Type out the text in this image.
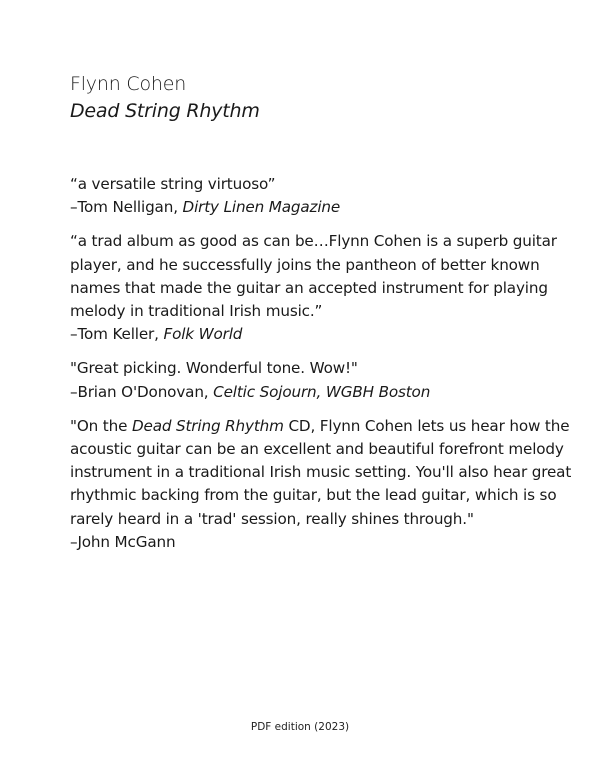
Flynn Cohen
Dead String Rhythm

“a versatile string virtuoso”

–Tom Nelligan, Dirty Linen Magazine

“a trad album as good as can be…Flynn Cohen is a superb guitar player, and he successfully joins the pantheon of better known names that made the guitar an accepted instrument for playing melody in traditional Irish music.”

–Tom Keller, Folk World

"Great picking. Wonderful tone. Wow!"

–Brian O'Donovan, Celtic Sojourn, WGBH Boston

"On the Dead String Rhythm CD, Flynn Cohen lets us hear how the acoustic guitar can be an excellent and beautiful forefront melody instrument in a traditional Irish music setting. You'll also hear great rhythmic backing from the guitar, but the lead guitar, which is so rarely heard in a 'trad' session, really shines through."

–John McGann

PDF edition (2023)
